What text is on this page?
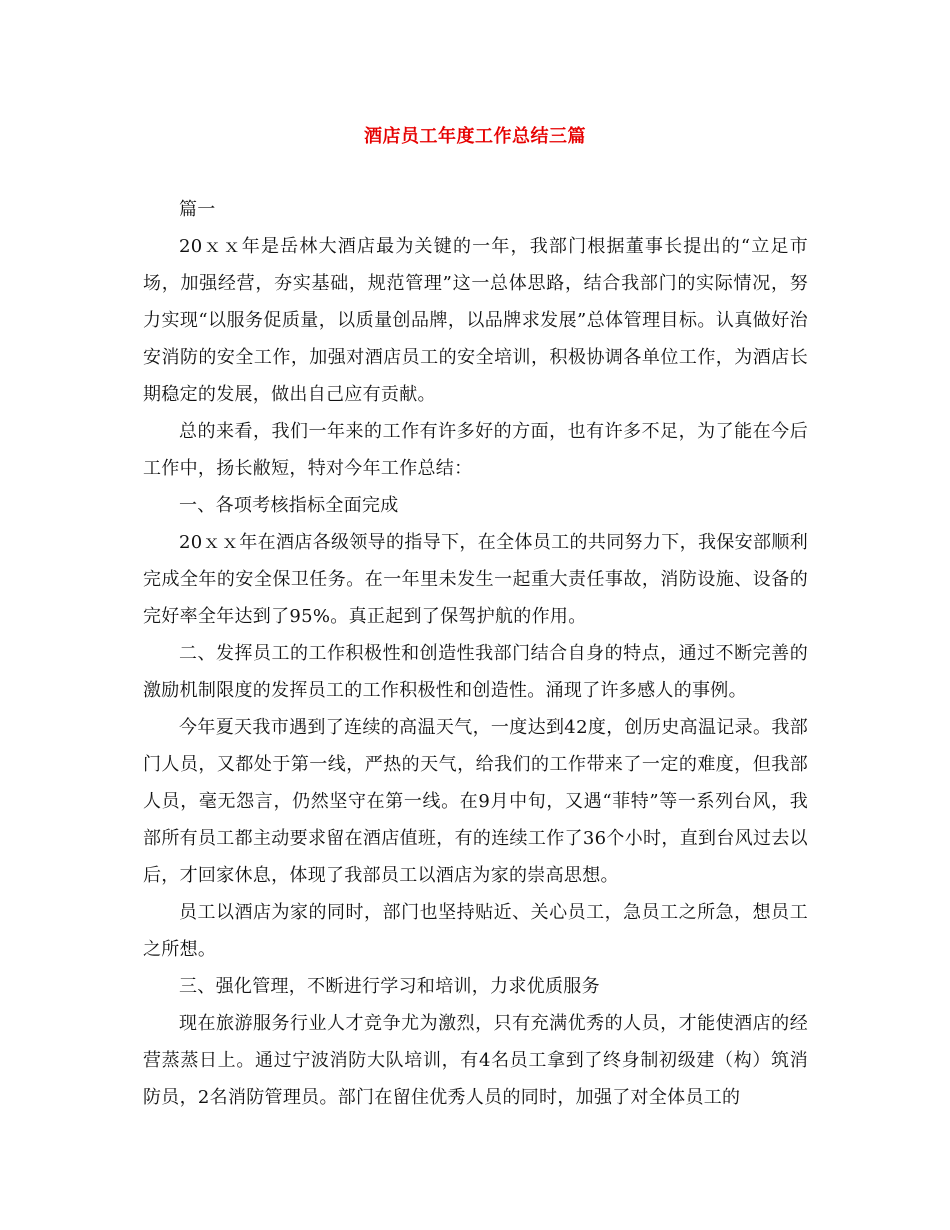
酒店员工年度工作总结三篇

篇一

20ｘｘ年是岳林大酒店最为关键的一年，我部门根据董事长提出的“立足市场，加强经营，夯实基础，规范管理”这一总体思路，结合我部门的实际情况，努力实现“以服务促质量，以质量创品牌，以品牌求发展”总体管理目标。认真做好治安消防的安全工作，加强对酒店员工的安全培训，积极协调各单位工作，为酒店长期稳定的发展，做出自己应有贡献。

总的来看，我们一年来的工作有许多好的方面，也有许多不足，为了能在今后工作中，扬长敝短，特对今年工作总结：

一、各项考核指标全面完成

20ｘｘ年在酒店各级领导的指导下，在全体员工的共同努力下，我保安部顺利完成全年的安全保卫任务。在一年里未发生一起重大责任事故，消防设施、设备的完好率全年达到了95%。真正起到了保驾护航的作用。

二、发挥员工的工作积极性和创造性我部门结合自身的特点，通过不断完善的激励机制限度的发挥员工的工作积极性和创造性。涌现了许多感人的事例。

今年夏天我市遇到了连续的高温天气，一度达到42度，创历史高温记录。我部门人员，又都处于第一线，严热的天气，给我们的工作带来了一定的难度，但我部人员，毫无怨言，仍然坚守在第一线。在9月中旬，又遇“菲特”等一系列台风，我部所有员工都主动要求留在酒店值班，有的连续工作了36个小时，直到台风过去以后，才回家休息，体现了我部员工以酒店为家的崇高思想。

员工以酒店为家的同时，部门也坚持贴近、关心员工，急员工之所急，想员工之所想。

三、强化管理，不断进行学习和培训，力求优质服务

现在旅游服务行业人才竞争尤为激烈，只有充满优秀的人员，才能使酒店的经营蒸蒸日上。通过宁波消防大队培训，有4名员工拿到了终身制初级建（构）筑消防员，2名消防管理员。部门在留住优秀人员的同时，加强了对全体员工的
